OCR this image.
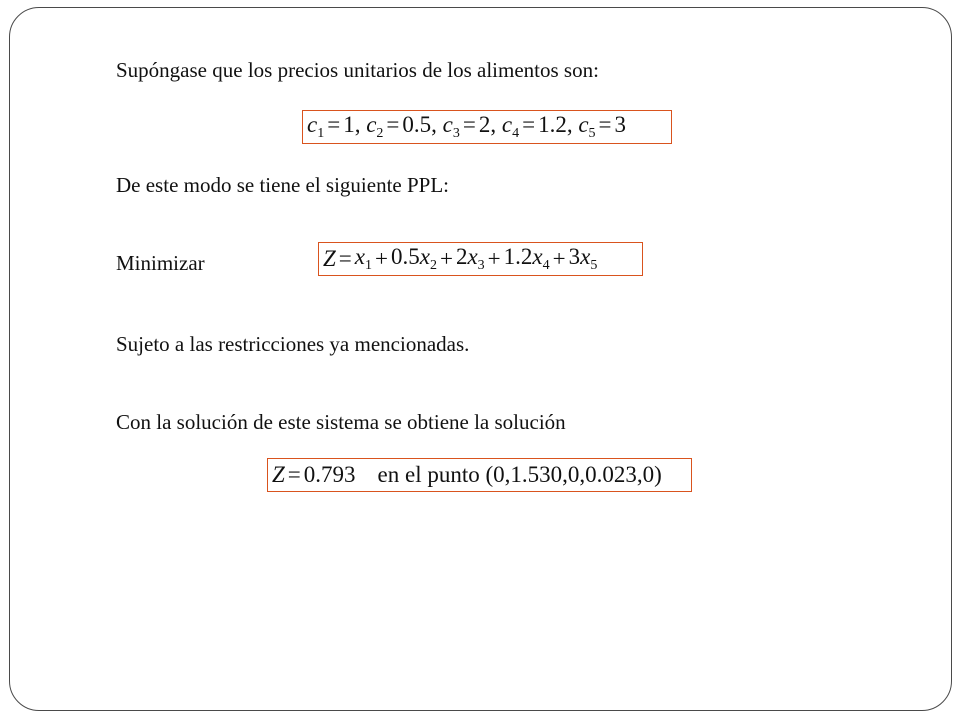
Supóngase que los precios unitarios de los alimentos son:
$c_1 = 1$, $c_2 = 0.5$, $c_3 = 2$, $c_4 = 1.2$, $c_5 = 3$
De este modo se tiene el siguiente PPL:
Minimizar	$Z = x_1 + 0.5x_2 + 2x_3 + 1.2x_4 + 3x_5$
Sujeto a las restricciones ya mencionadas.
Con la solución de este sistema se obtiene la solución
Z = 0.793 en el punto
(0,1.530,0,0.023,0)
